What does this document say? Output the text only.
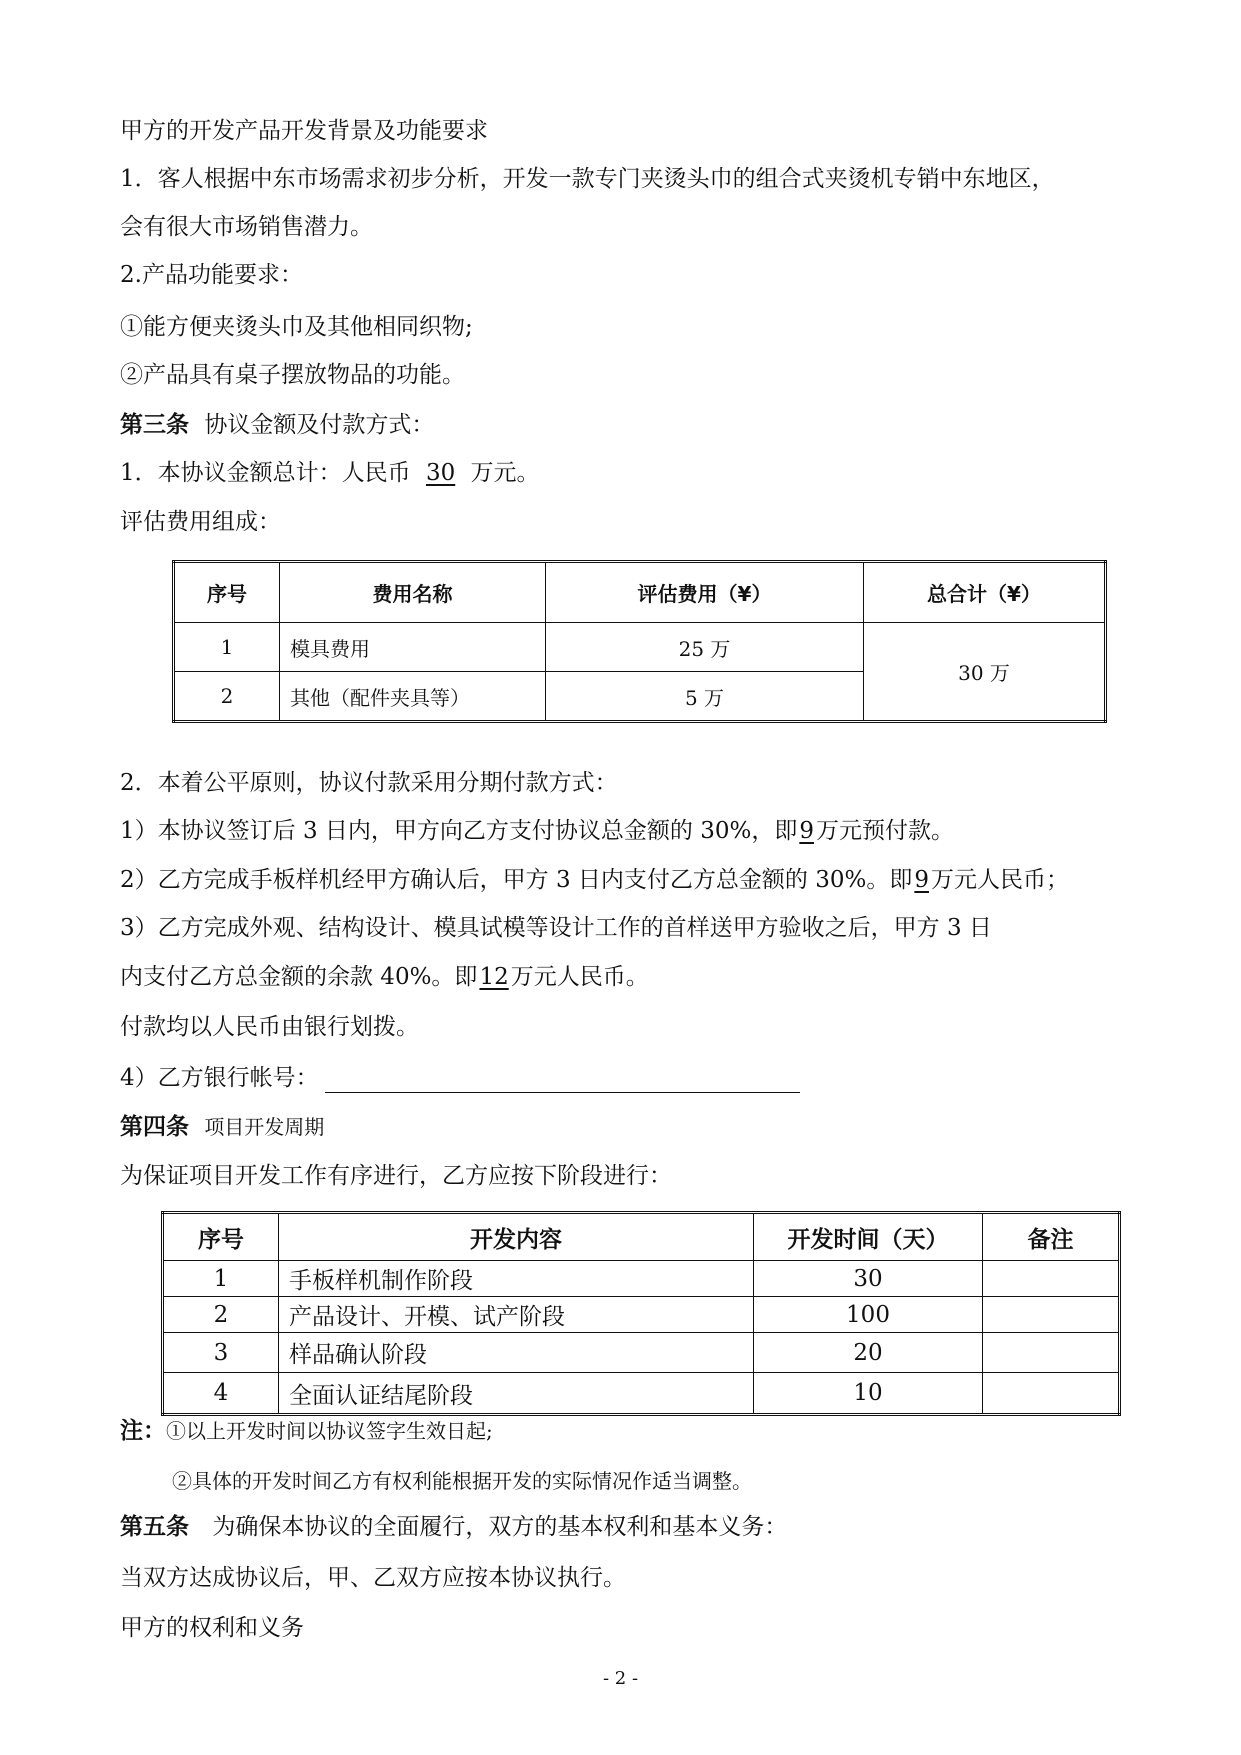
甲方的开发产品开发背景及功能要求
1．客人根据中东市场需求初步分析，开发一款专门夹烫头巾的组合式夹烫机专销中东地区，
会有很大市场销售潜力。
2.产品功能要求：
①能方便夹烫头巾及其他相同织物;
②产品具有桌子摆放物品的功能。
第三条 协议金额及付款方式：
1．本协议金额总计：人民币 30 万元。
评估费用组成：
序号	费用名称	评估费用（¥）	总合计（¥）
1	模具费用	25 万	30 万
2	其他（配件夹具等）	5 万	
2．本着公平原则，协议付款采用分期付款方式：
1）本协议签订后 3 日内，甲方向乙方支付协议总金额的 30%，即9万元预付款。
2）乙方完成手板样机经甲方确认后，甲方 3 日内支付乙方总金额的 30%。即9万元人民币；
3）乙方完成外观、结构设计、模具试模等设计工作的首样送甲方验收之后，甲方 3 日
内支付乙方总金额的余款 40%。即12万元人民币。
付款均以人民币由银行划拨。
4）乙方银行帐号：
第四条 项目开发周期
为保证项目开发工作有序进行，乙方应按下阶段进行：
序号	开发内容	开发时间（天）	备注
1	手板样机制作阶段	30	
2	产品设计、开模、试产阶段	100	
3	样品确认阶段	20	
4	全面认证结尾阶段	10	
注：①以上开发时间以协议签字生效日起;
②具体的开发时间乙方有权利能根据开发的实际情况作适当调整。
第五条 为确保本协议的全面履行，双方的基本权利和基本义务：
当双方达成协议后，甲、乙双方应按本协议执行。
甲方的权利和义务
- 2 -
